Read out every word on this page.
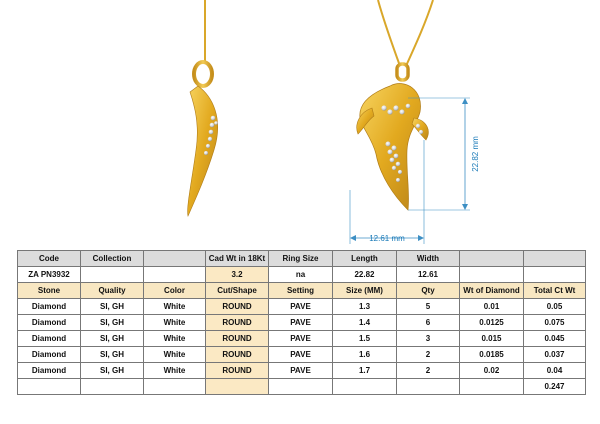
22.82 mm
12.61 mm
Code	Collection		Cad Wt in 18Kt	Ring Size	Length	Width		
ZA PN3932			3.2	na	22.82	12.61		
Stone	Quality	Color	Cut/Shape	Setting	Size (MM)	Qty	Wt of Diamond	Total Ct Wt
Diamond	SI, GH	White	ROUND	PAVE	1.3	5	0.01	0.05
Diamond	SI, GH	White	ROUND	PAVE	1.4	6	0.0125	0.075
Diamond	SI, GH	White	ROUND	PAVE	1.5	3	0.015	0.045
Diamond	SI, GH	White	ROUND	PAVE	1.6	2	0.0185	0.037
Diamond	SI, GH	White	ROUND	PAVE	1.7	2	0.02	0.04
								0.247
